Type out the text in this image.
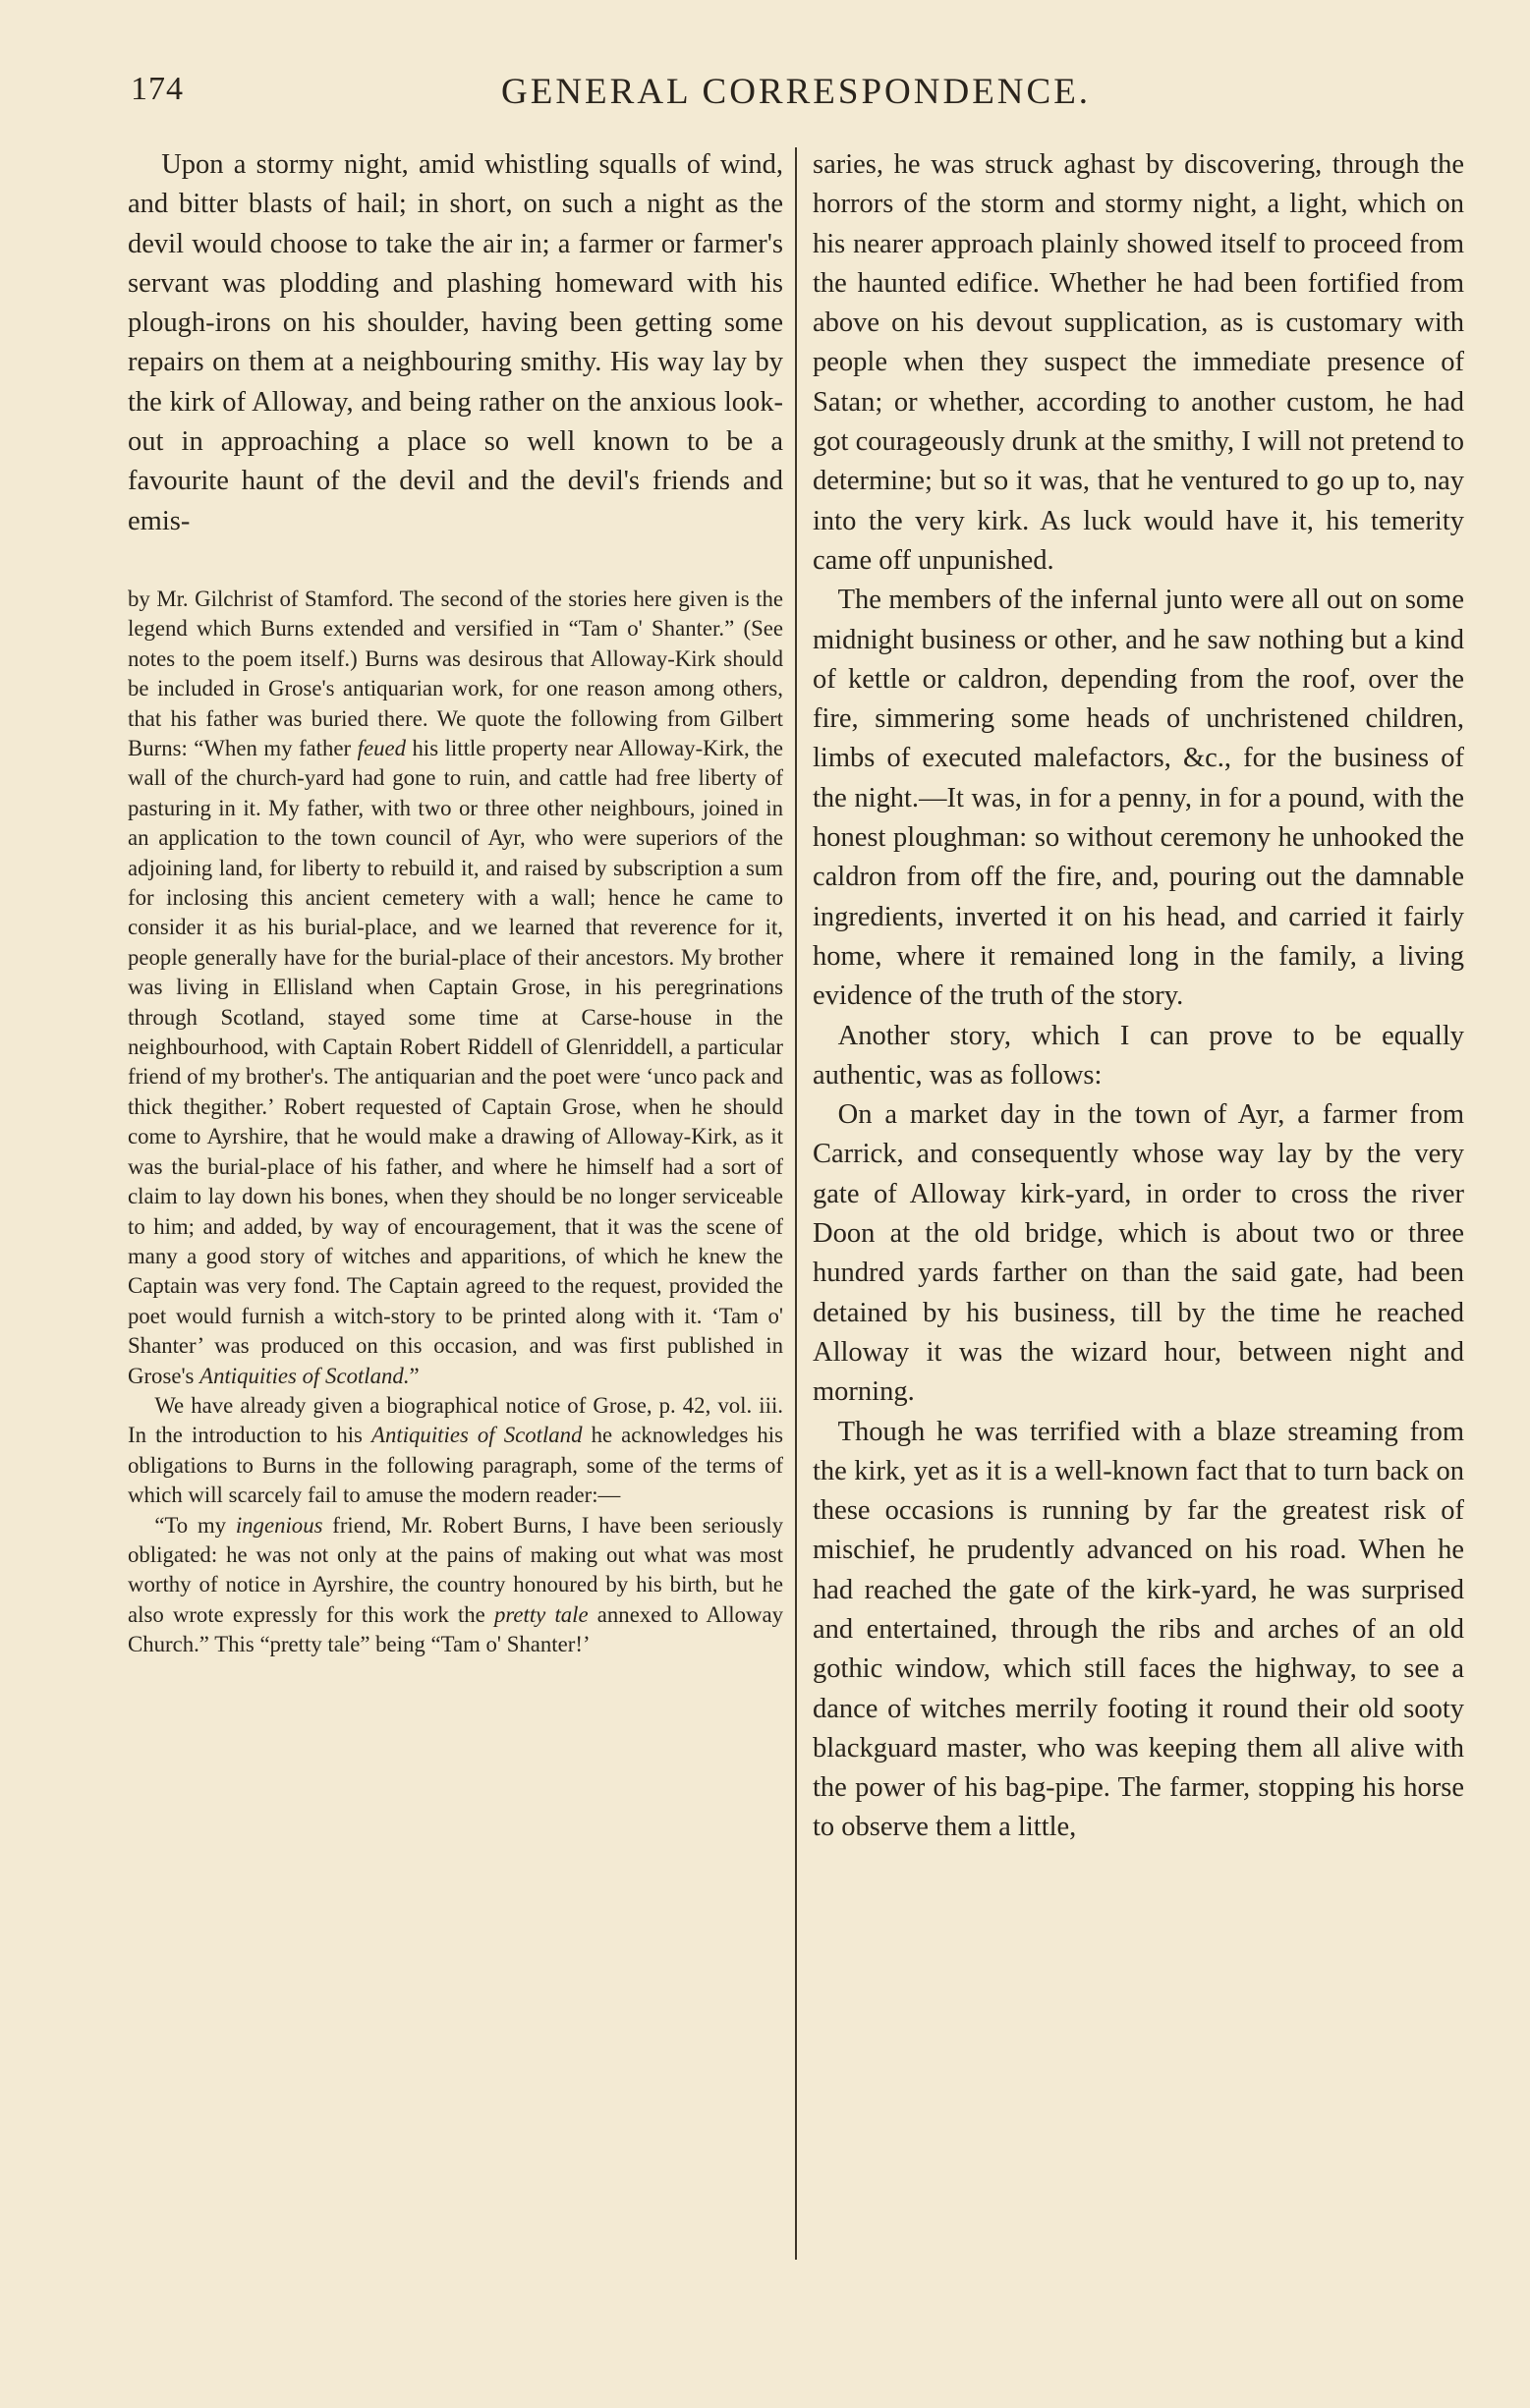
174	GENERAL CORRESPONDENCE.

Upon a stormy night, amid whistling squalls of wind, and bitter blasts of hail; in short, on such a night as the devil would choose to take the air in; a farmer or farmer's servant was plodding and plashing homeward with his plough-irons on his shoulder, having been getting some repairs on them at a neighbouring smithy. His way lay by the kirk of Alloway, and being rather on the anxious look-out in approaching a place so well known to be a favourite haunt of the devil and the devil's friends and emis-

by Mr. Gilchrist of Stamford. The second of the stories here given is the legend which Burns extended and versified in “Tam o' Shanter.” (See notes to the poem itself.) Burns was desirous that Alloway-Kirk should be included in Grose's antiquarian work, for one reason among others, that his father was buried there. We quote the following from Gilbert Burns: “When my father feued his little property near Alloway-Kirk, the wall of the church-yard had gone to ruin, and cattle had free liberty of pasturing in it. My father, with two or three other neighbours, joined in an application to the town council of Ayr, who were superiors of the adjoining land, for liberty to rebuild it, and raised by subscription a sum for inclosing this ancient cemetery with a wall; hence he came to consider it as his burial-place, and we learned that reverence for it, people generally have for the burial-place of their ancestors. My brother was living in Ellisland when Captain Grose, in his peregrinations through Scotland, stayed some time at Carse-house in the neighbourhood, with Captain Robert Riddell of Glenriddell, a particular friend of my brother's. The antiquarian and the poet were ‘unco pack and thick thegither.’ Robert requested of Captain Grose, when he should come to Ayrshire, that he would make a drawing of Alloway-Kirk, as it was the burial-place of his father, and where he himself had a sort of claim to lay down his bones, when they should be no longer serviceable to him; and added, by way of encouragement, that it was the scene of many a good story of witches and apparitions, of which he knew the Captain was very fond. The Captain agreed to the request, provided the poet would furnish a witch-story to be printed along with it. ‘Tam o' Shanter’ was produced on this occasion, and was first published in Grose's Antiquities of Scotland.”

We have already given a biographical notice of Grose, p. 42, vol. iii. In the introduction to his Antiquities of Scotland he acknowledges his obligations to Burns in the following paragraph, some of the terms of which will scarcely fail to amuse the modern reader:—

“To my ingenious friend, Mr. Robert Burns, I have been seriously obligated: he was not only at the pains of making out what was most worthy of notice in Ayrshire, the country honoured by his birth, but he also wrote expressly for this work the pretty tale annexed to Alloway Church.” This “pretty tale” being “Tam o' Shanter!’

saries, he was struck aghast by discovering, through the horrors of the storm and stormy night, a light, which on his nearer approach plainly showed itself to proceed from the haunted edifice. Whether he had been fortified from above on his devout supplication, as is customary with people when they suspect the immediate presence of Satan; or whether, according to another custom, he had got courageously drunk at the smithy, I will not pretend to determine; but so it was, that he ventured to go up to, nay into the very kirk. As luck would have it, his temerity came off unpunished.

The members of the infernal junto were all out on some midnight business or other, and he saw nothing but a kind of kettle or caldron, depending from the roof, over the fire, simmering some heads of unchristened children, limbs of executed malefactors, &c., for the business of the night.—It was, in for a penny, in for a pound, with the honest ploughman: so without ceremony he unhooked the caldron from off the fire, and, pouring out the damnable ingredients, inverted it on his head, and carried it fairly home, where it remained long in the family, a living evidence of the truth of the story.

Another story, which I can prove to be equally authentic, was as follows:

On a market day in the town of Ayr, a farmer from Carrick, and consequently whose way lay by the very gate of Alloway kirk-yard, in order to cross the river Doon at the old bridge, which is about two or three hundred yards farther on than the said gate, had been detained by his business, till by the time he reached Alloway it was the wizard hour, between night and morning.

Though he was terrified with a blaze streaming from the kirk, yet as it is a well-known fact that to turn back on these occasions is running by far the greatest risk of mischief, he prudently advanced on his road. When he had reached the gate of the kirk-yard, he was surprised and entertained, through the ribs and arches of an old gothic window, which still faces the highway, to see a dance of witches merrily footing it round their old sooty blackguard master, who was keeping them all alive with the power of his bag-pipe. The farmer, stopping his horse to observe them a little,
